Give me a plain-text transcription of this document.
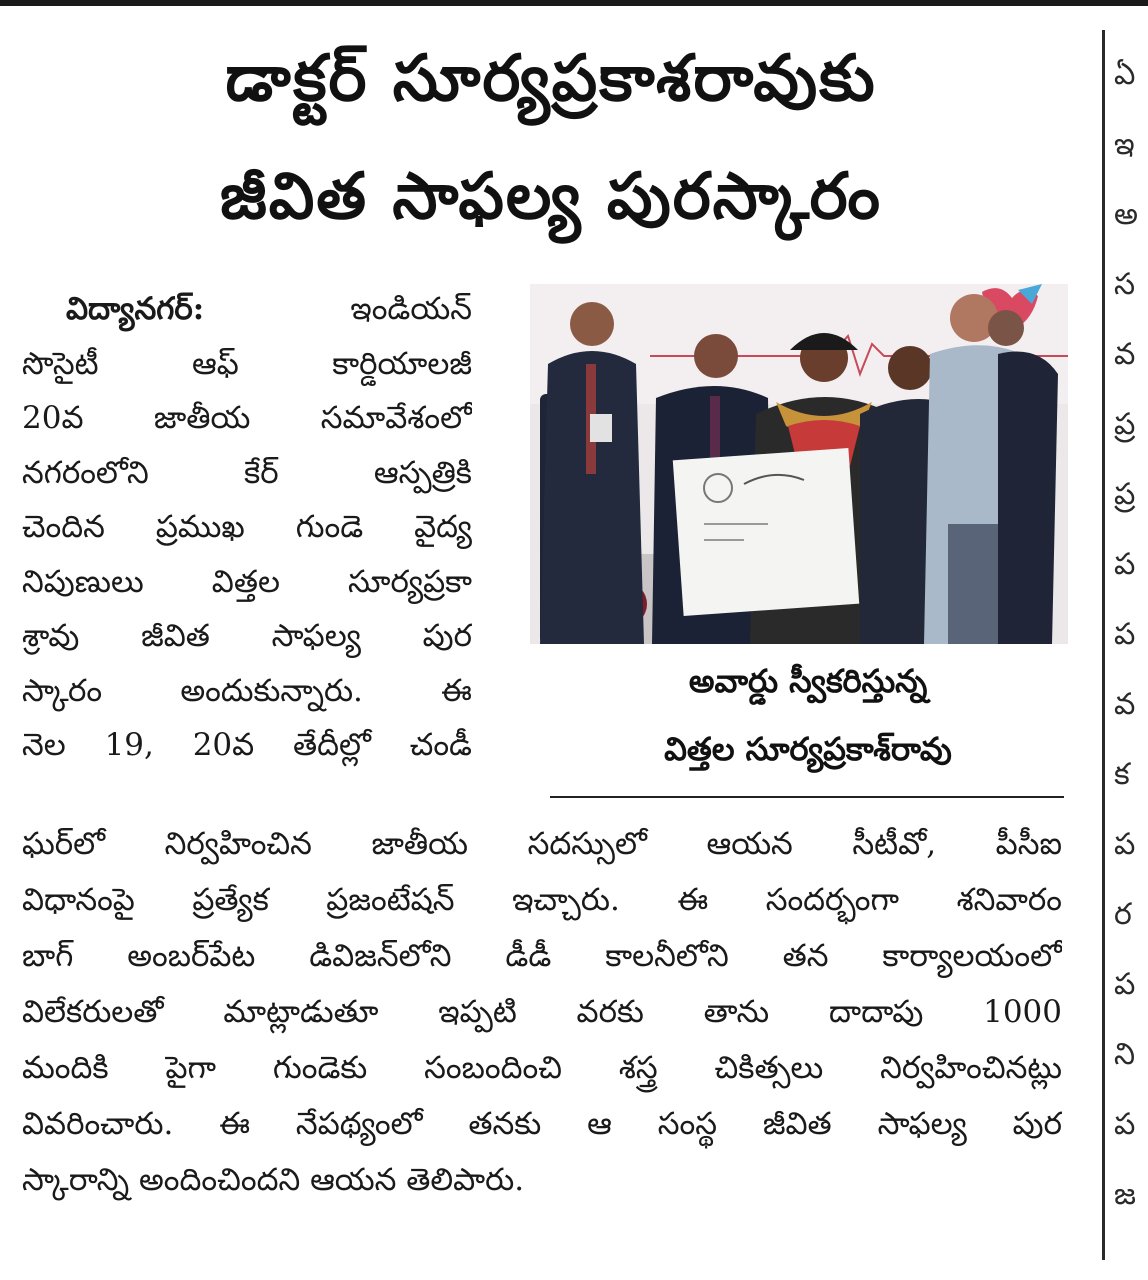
డాక్టర్ సూర్యప్రకాశరావుకు
జీవిత సాఫల్య పురస్కారం
విద్యానగర్:	ఇండియన్
సొసైటీ ఆఫ్ కార్డియాలజీ
20వ జాతీయ సమావేశంలో
నగరంలోని కేర్ ఆస్పత్రికి
చెందిన ప్రముఖ గుండె వైద్య
నిపుణులు విత్తల సూర్యప్రకా
శ్రావు జీవిత సాఫల్య పుర
స్కారం అందుకున్నారు. ఈ
నెల 19, 20వ తేదీల్లో చండీ
అవార్డు స్వీకరిస్తున్న
విత్తల సూర్యప్రకాశ్‌రావు
ఘర్‌లో నిర్వహించిన జాతీయ సదస్సులో ఆయన సీటీవో, పీసీఐ
విధానంపై ప్రత్యేక ప్రజంటేషన్ ఇచ్చారు. ఈ సందర్భంగా శనివారం
బాగ్ అంబర్‌పేట డివిజన్‌లోని డీడీ కాలనీలోని తన కార్యాలయంలో
విలేకరులతో మాట్లాడుతూ ఇప్పటి వరకు తాను దాదాపు 1000
మందికి పైగా గుండెకు సంబందించి శస్త్ర చికిత్సలు నిర్వహించినట్లు
వివరించారు. ఈ నేపథ్యంలో తనకు ఆ సంస్థ జీవిత సాఫల్య పుర
స్కారాన్ని అందించిందని ఆయన తెలిపారు.
ఏ
ఇ
అ
స
వ
ప్ర
ప్ర
ప
ప
వ
క
ప
ర
ప
ని
ప
జ
